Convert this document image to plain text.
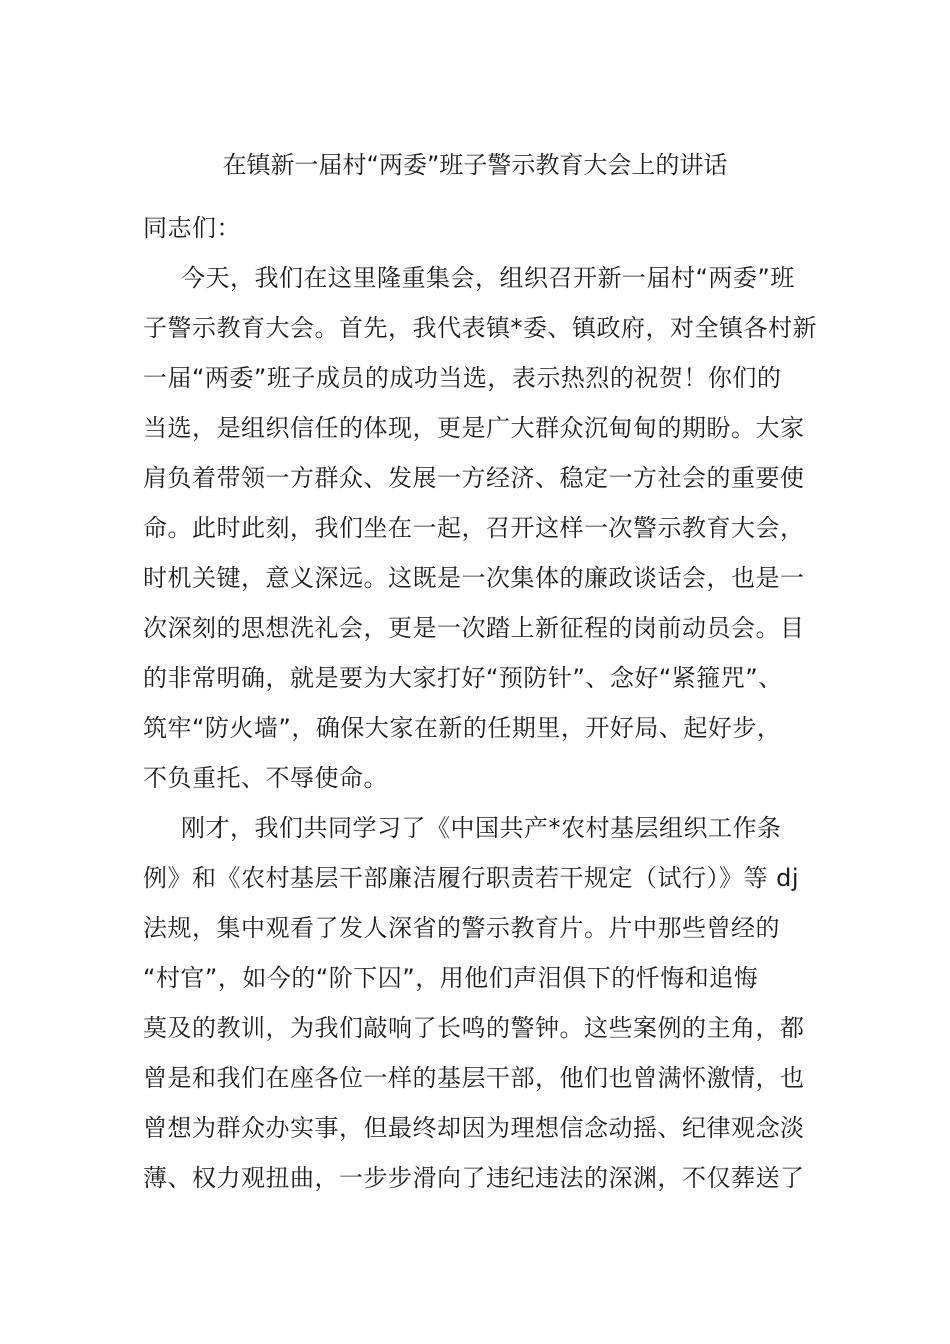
在镇新一届村“两委”班子警示教育大会上的讲话
同志们：
今天，我们在这里隆重集会，组织召开新一届村“两委”班
子警示教育大会。首先，我代表镇*委、镇政府，对全镇各村新
一届“两委”班子成员的成功当选，表示热烈的祝贺！你们的
当选，是组织信任的体现，更是广大群众沉甸甸的期盼。大家
肩负着带领一方群众、发展一方经济、稳定一方社会的重要使
命。此时此刻，我们坐在一起，召开这样一次警示教育大会，
时机关键，意义深远。这既是一次集体的廉政谈话会，也是一
次深刻的思想洗礼会，更是一次踏上新征程的岗前动员会。目
的非常明确，就是要为大家打好“预防针”、念好“紧箍咒”、
筑牢“防火墙”，确保大家在新的任期里，开好局、起好步，
不负重托、不辱使命。
刚才，我们共同学习了《中国共产*农村基层组织工作条
例》和《农村基层干部廉洁履行职责若干规定（试行）》等 dj
法规，集中观看了发人深省的警示教育片。片中那些曾经的
“村官”，如今的“阶下囚”，用他们声泪俱下的忏悔和追悔
莫及的教训，为我们敲响了长鸣的警钟。这些案例的主角，都
曾是和我们在座各位一样的基层干部，他们也曾满怀激情，也
曾想为群众办实事，但最终却因为理想信念动摇、纪律观念淡
薄、权力观扭曲，一步步滑向了违纪违法的深渊，不仅葬送了
